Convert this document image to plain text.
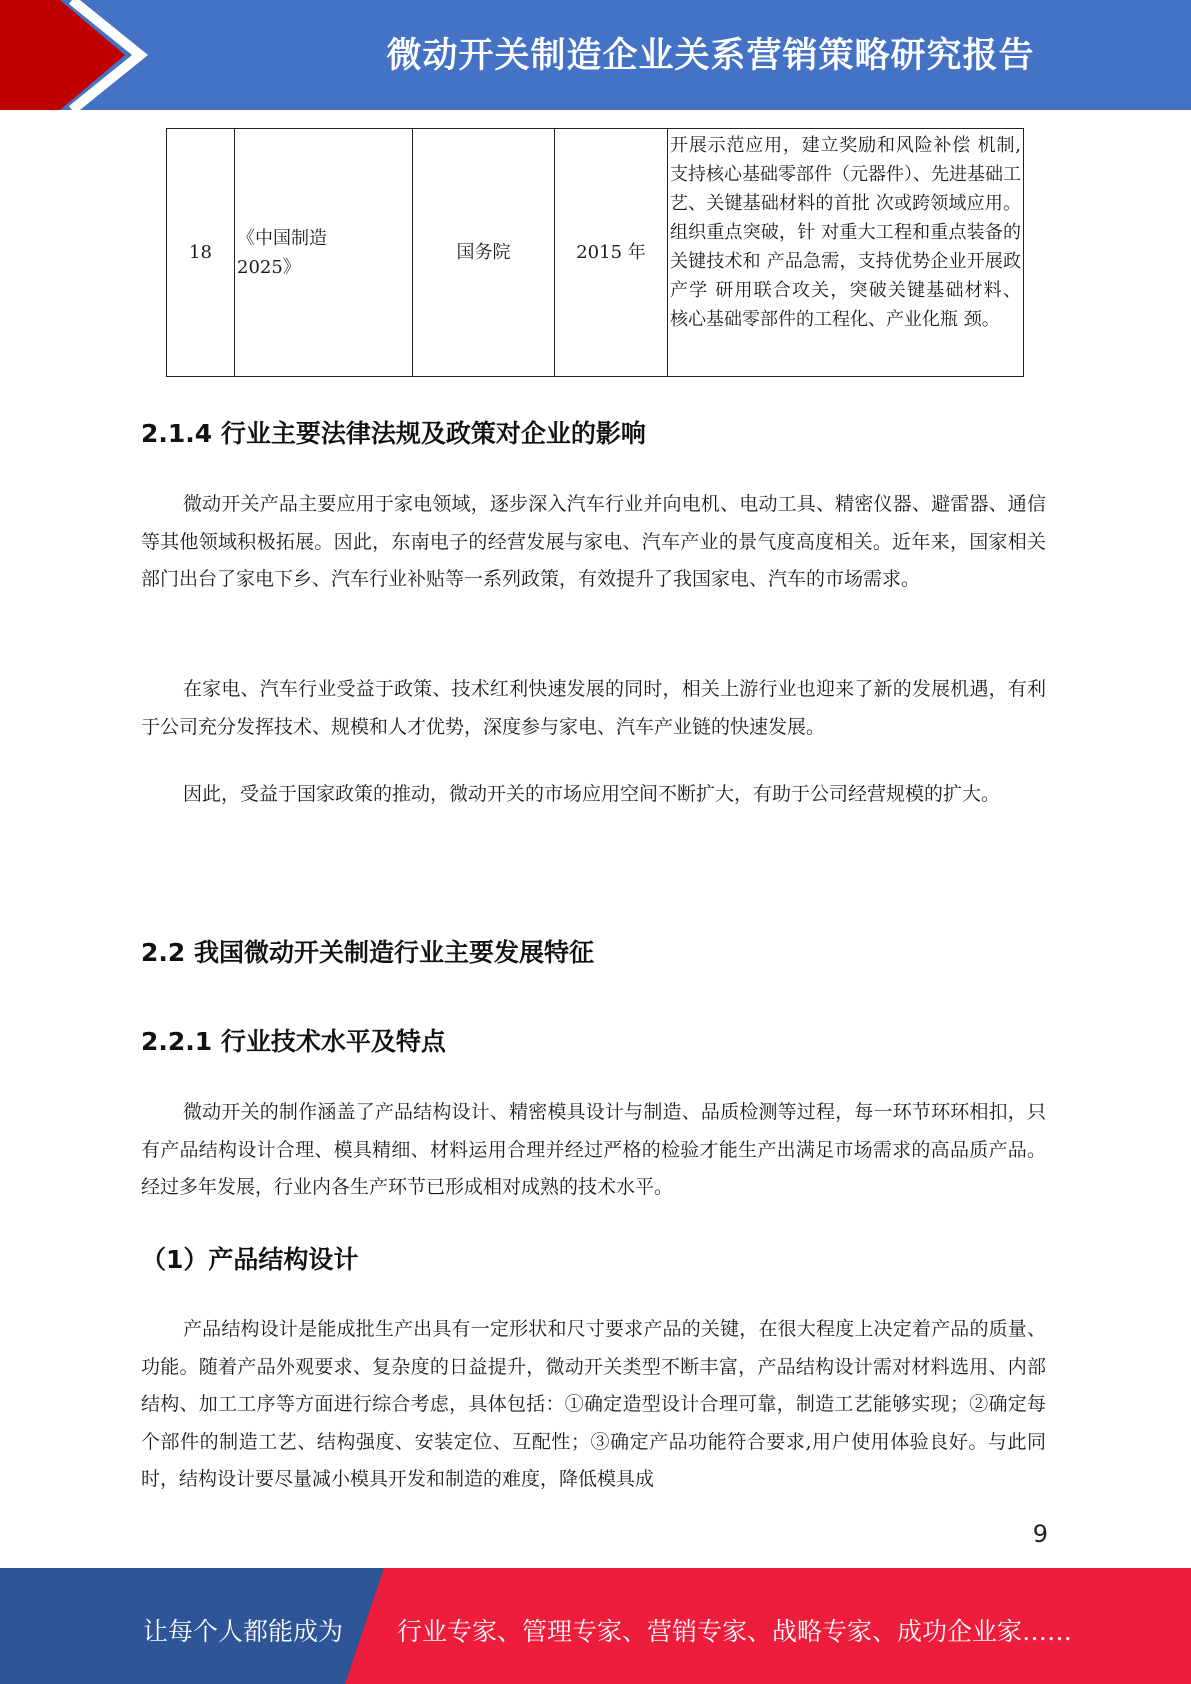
微动开关制造企业关系营销策略研究报告
18	《中国制造2025》	国务院	2015 年	开展示范应用，建立奖励和风险补偿 机制,支持核心基础零部件（元器件）、先进基础工艺、关键基础材料的首批 次或跨领域应用。组织重点突破，针 对重大工程和重点装备的关键技术和 产品急需，支持优势企业开展政产学 研用联合攻关，突破关键基础材料、 核心基础零部件的工程化、产业化瓶 颈。
2.1.4 行业主要法律法规及政策对企业的影响

微动开关产品主要应用于家电领域，逐步深入汽车行业并向电机、电动工具、精密仪器、避雷器、通信等其他领域积极拓展。因此，东南电子的经营发展与家电、汽车产业的景气度高度相关。近年来，国家相关部门出台了家电下乡、汽车行业补贴等一系列政策，有效提升了我国家电、汽车的市场需求。

在家电、汽车行业受益于政策、技术红利快速发展的同时，相关上游行业也迎来了新的发展机遇，有利于公司充分发挥技术、规模和人才优势，深度参与家电、汽车产业链的快速发展。

因此，受益于国家政策的推动，微动开关的市场应用空间不断扩大，有助于公司经营规模的扩大。

2.2 我国微动开关制造行业主要发展特征
2.2.1 行业技术水平及特点

微动开关的制作涵盖了产品结构设计、精密模具设计与制造、品质检测等过程，每一环节环环相扣，只有产品结构设计合理、模具精细、材料运用合理并经过严格的检验才能生产出满足市场需求的高品质产品。经过多年发展，行业内各生产环节已形成相对成熟的技术水平。

（1）产品结构设计

产品结构设计是能成批生产出具有一定形状和尺寸要求产品的关键，在很大程度上决定着产品的质量、功能。随着产品外观要求、复杂度的日益提升，微动开关类型不断丰富，产品结构设计需对材料选用、内部结构、加工工序等方面进行综合考虑，具体包括：①确定造型设计合理可靠，制造工艺能够实现；②确定每个部件的制造工艺、结构强度、安装定位、互配性；③确定产品功能符合要求,用户使用体验良好。与此同时，结构设计要尽量减小模具开发和制造的难度，降低模具成

9
让每个人都能成为 行业专家、管理专家、营销专家、战略专家、成功企业家……
